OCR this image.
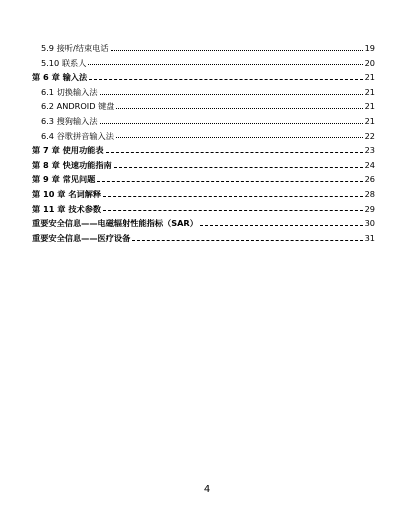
5.9 接听/结束电话	19
5.10 联系人	20
第 6 章 输入法	21
6.1 切换输入法	21
6.2 ANDROID 键盘	21
6.3 搜狗输入法	21
6.4 谷歌拼音输入法	22
第 7 章 使用功能表	23
第 8 章 快速功能指南	24
第 9 章 常见问题	26
第 10 章 名词解释	28
第 11 章 技术参数	29
重要安全信息——电磁辐射性能指标（SAR）	30
重要安全信息——医疗设备	31
4
